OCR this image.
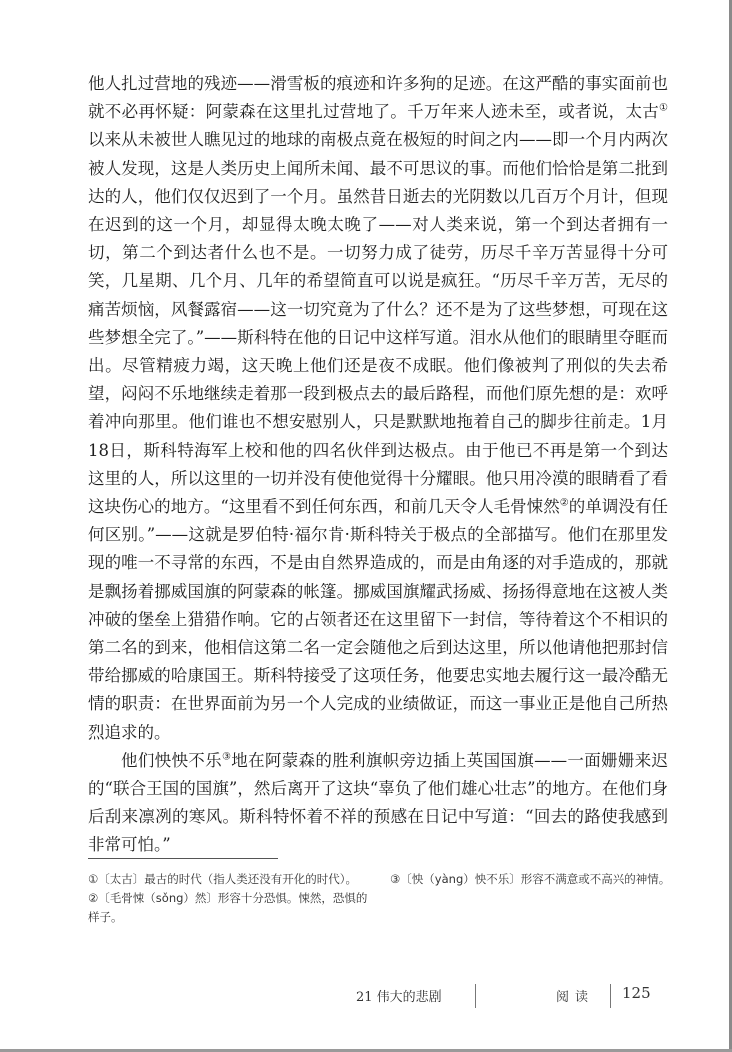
他人扎过营地的残迹——滑雪板的痕迹和许多狗的足迹。在这严酷的事实面前也就不必再怀疑：阿蒙森在这里扎过营地了。千万年来人迹未至，或者说，太古①以来从未被世人瞧见过的地球的南极点竟在极短的时间之内——即一个月内两次被人发现，这是人类历史上闻所未闻、最不可思议的事。而他们恰恰是第二批到达的人，他们仅仅迟到了一个月。虽然昔日逝去的光阴数以几百万个月计，但现在迟到的这一个月，却显得太晚太晚了——对人类来说，第一个到达者拥有一切，第二个到达者什么也不是。一切努力成了徒劳，历尽千辛万苦显得十分可笑，几星期、几个月、几年的希望简直可以说是疯狂。“历尽千辛万苦，无尽的痛苦烦恼，风餐露宿——这一切究竟为了什么？还不是为了这些梦想，可现在这些梦想全完了。”——斯科特在他的日记中这样写道。泪水从他们的眼睛里夺眶而出。尽管精疲力竭，这天晚上他们还是夜不成眠。他们像被判了刑似的失去希望，闷闷不乐地继续走着那一段到极点去的最后路程，而他们原先想的是：欢呼着冲向那里。他们谁也不想安慰别人，只是默默地拖着自己的脚步往前走。1月18日，斯科特海军上校和他的四名伙伴到达极点。由于他已不再是第一个到达这里的人，所以这里的一切并没有使他觉得十分耀眼。他只用冷漠的眼睛看了看这块伤心的地方。“这里看不到任何东西，和前几天令人毛骨悚然②的单调没有任何区别。”——这就是罗伯特·福尔肯·斯科特关于极点的全部描写。他们在那里发现的唯一不寻常的东西，不是由自然界造成的，而是由角逐的对手造成的，那就是飘扬着挪威国旗的阿蒙森的帐篷。挪威国旗耀武扬威、扬扬得意地在这被人类冲破的堡垒上猎猎作响。它的占领者还在这里留下一封信，等待着这个不相识的第二名的到来，他相信这第二名一定会随他之后到达这里，所以他请他把那封信带给挪威的哈康国王。斯科特接受了这项任务，他要忠实地去履行这一最冷酷无情的职责：在世界面前为另一个人完成的业绩做证，而这一事业正是他自己所热烈追求的。

他们怏怏不乐③地在阿蒙森的胜利旗帜旁边插上英国国旗——一面姗姗来迟的“联合王国的国旗”，然后离开了这块“辜负了他们雄心壮志”的地方。在他们身后刮来凛冽的寒风。斯科特怀着不祥的预感在日记中写道：“回去的路使我感到非常可怕。”

①〔太古〕最古的时代（指人类还没有开化的时代）。

②〔毛骨悚（sǒng）然〕形容十分恐惧。悚然，恐惧的样子。

③〔怏（yàng）怏不乐〕形容不满意或不高兴的神情。

21 伟大的悲剧	阅读 125
